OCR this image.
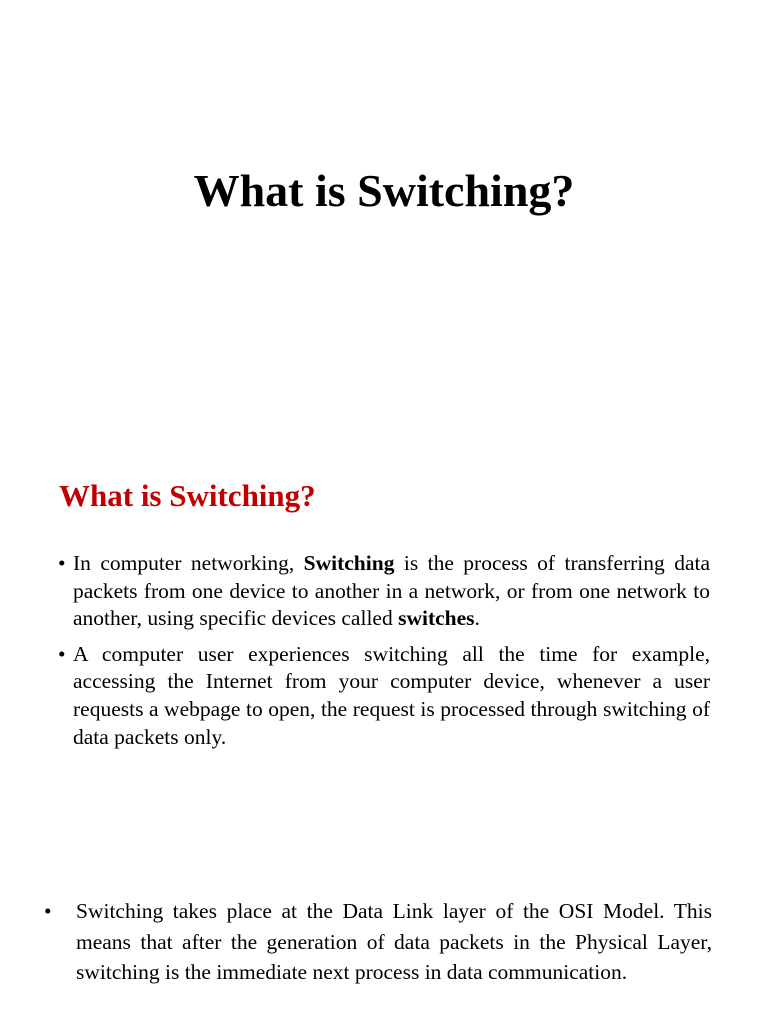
What is Switching?
What is Switching?
• In computer networking, Switching is the process of transferring data packets from one device to another in a network, or from one network to another, using specific devices called switches.
• A computer user experiences switching all the time for example, accessing the Internet from your computer device, whenever a user requests a webpage to open, the request is processed through switching of data packets only.
• Switching takes place at the Data Link layer of the OSI Model. This means that after the generation of data packets in the Physical Layer, switching is the immediate next process in data communication.
